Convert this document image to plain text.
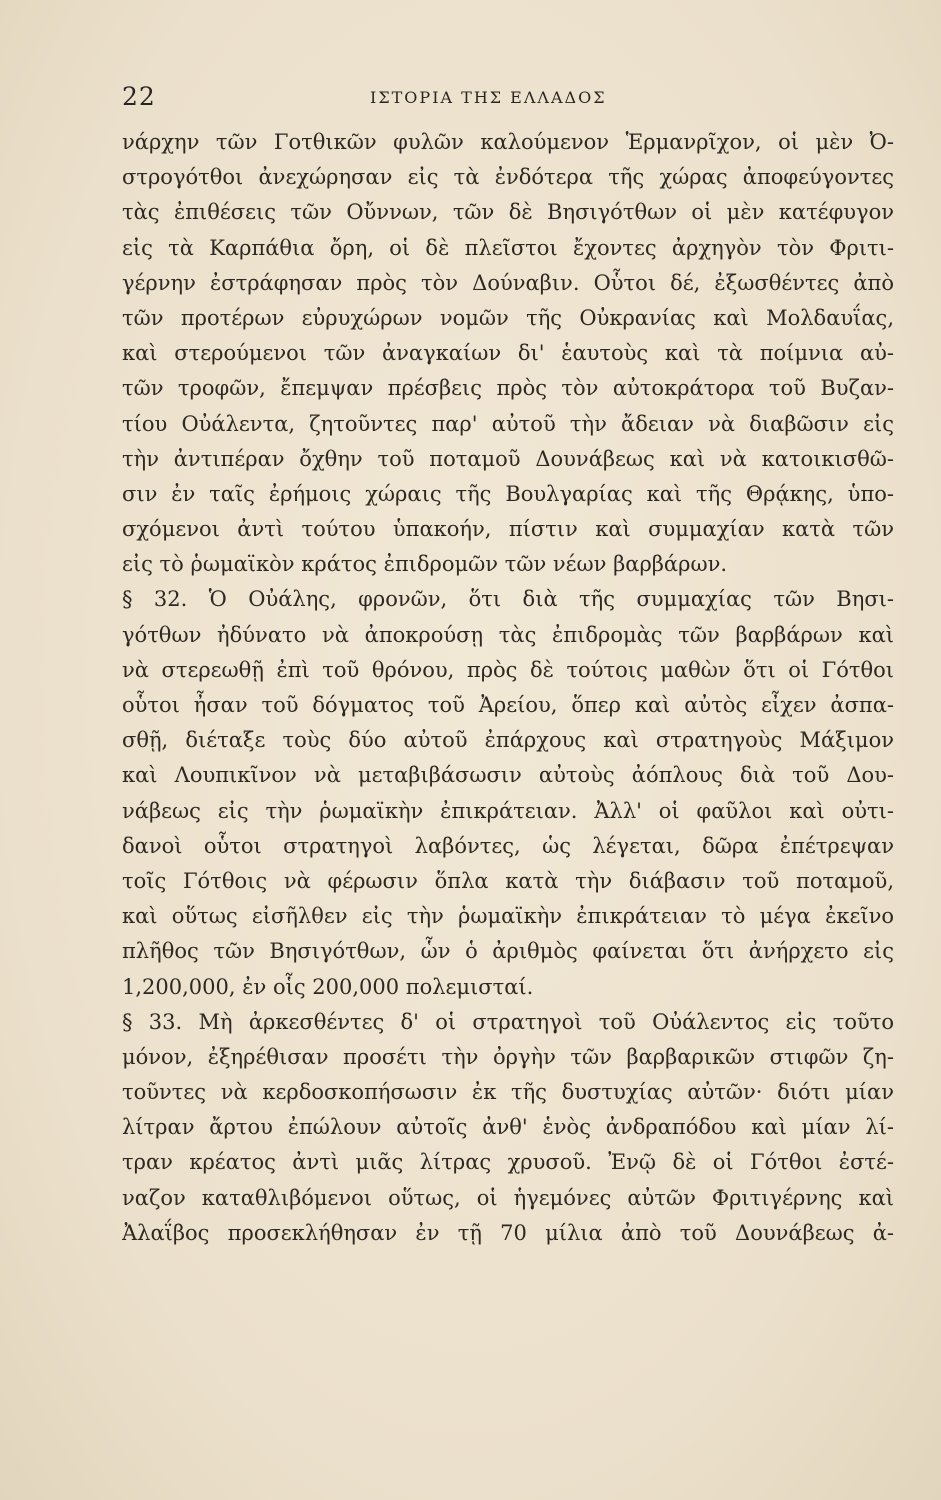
22	ΙΣΤΟΡΙΑ ΤΗΣ ΕΛΛΑΔΟΣ
νάρχην τῶν Γοτθικῶν φυλῶν καλούμενον Ἑρμανρῖχον, οἱ μὲν Ὀ-
στρογότθοι ἀνεχώρησαν εἰς τὰ ἐνδότερα τῆς χώρας ἀποφεύγοντες
τὰς ἐπιθέσεις τῶν Οὔννων, τῶν δὲ Βησιγότθων οἱ μὲν κατέφυγον
εἰς τὰ Καρπάθια ὄρη, οἱ δὲ πλεῖστοι ἔχοντες ἀρχηγὸν τὸν Φριτι-
γέρνην ἐστράφησαν πρὸς τὸν Δούναβιν. Οὗτοι δέ, ἐξωσθέντες ἀπὸ
τῶν προτέρων εὐρυχώρων νομῶν τῆς Οὐκρανίας καὶ Μολδαυΐας,
καὶ στερούμενοι τῶν ἀναγκαίων δι' ἑαυτοὺς καὶ τὰ ποίμνια αὐ-
τῶν τροφῶν, ἔπεμψαν πρέσβεις πρὸς τὸν αὐτοκράτορα τοῦ Βυζαν-
τίου Οὐάλεντα, ζητοῦντες παρ' αὐτοῦ τὴν ἄδειαν νὰ διαβῶσιν εἰς
τὴν ἀντιπέραν ὄχθην τοῦ ποταμοῦ Δουνάβεως καὶ νὰ κατοικισθῶ-
σιν ἐν ταῖς ἐρήμοις χώραις τῆς Βουλγαρίας καὶ τῆς Θρᾴκης, ὑπο-
σχόμενοι ἀντὶ τούτου ὑπακοήν, πίστιν καὶ συμμαχίαν κατὰ τῶν
εἰς τὸ ῥωμαϊκὸν κράτος ἐπιδρομῶν τῶν νέων βαρβάρων.
§ 32. Ὁ Οὐάλης, φρονῶν, ὅτι διὰ τῆς συμμαχίας τῶν Βησι-
γότθων ἠδύνατο νὰ ἀποκρούσῃ τὰς ἐπιδρομὰς τῶν βαρβάρων καὶ
νὰ στερεωθῇ ἐπὶ τοῦ θρόνου, πρὸς δὲ τούτοις μαθὼν ὅτι οἱ Γότθοι
οὗτοι ἦσαν τοῦ δόγματος τοῦ Ἀρείου, ὅπερ καὶ αὐτὸς εἶχεν ἀσπα-
σθῇ, διέταξε τοὺς δύο αὐτοῦ ἐπάρχους καὶ στρατηγοὺς Μάξιμον
καὶ Λουπικῖνον νὰ μεταβιβάσωσιν αὐτοὺς ἀόπλους διὰ τοῦ Δου-
νάβεως εἰς τὴν ῥωμαϊκὴν ἐπικράτειαν. Ἀλλ' οἱ φαῦλοι καὶ οὐτι-
δανοὶ οὗτοι στρατηγοὶ λαβόντες, ὡς λέγεται, δῶρα ἐπέτρεψαν
τοῖς Γότθοις νὰ φέρωσιν ὅπλα κατὰ τὴν διάβασιν τοῦ ποταμοῦ,
καὶ οὕτως εἰσῆλθεν εἰς τὴν ῥωμαϊκὴν ἐπικράτειαν τὸ μέγα ἐκεῖνο
πλῆθος τῶν Βησιγότθων, ὧν ὁ ἀριθμὸς φαίνεται ὅτι ἀνήρχετο εἰς
1,200,000, ἐν οἷς 200,000 πολεμισταί.
§ 33. Μὴ ἀρκεσθέντες δ' οἱ στρατηγοὶ τοῦ Οὐάλεντος εἰς τοῦτο
μόνον, ἐξηρέθισαν προσέτι τὴν ὀργὴν τῶν βαρβαρικῶν στιφῶν ζη-
τοῦντες νὰ κερδοσκοπήσωσιν ἐκ τῆς δυστυχίας αὐτῶν· διότι μίαν
λίτραν ἄρτου ἐπώλουν αὐτοῖς ἀνθ' ἑνὸς ἀνδραπόδου καὶ μίαν λί-
τραν κρέατος ἀντὶ μιᾶς λίτρας χρυσοῦ. Ἐνῷ δὲ οἱ Γότθοι ἐστέ-
ναζον καταθλιβόμενοι οὕτως, οἱ ἡγεμόνες αὐτῶν Φριτιγέρνης καὶ
Ἀλαΐβος προσεκλήθησαν ἐν τῇ 70 μίλια ἀπὸ τοῦ Δουνάβεως ἀ-
